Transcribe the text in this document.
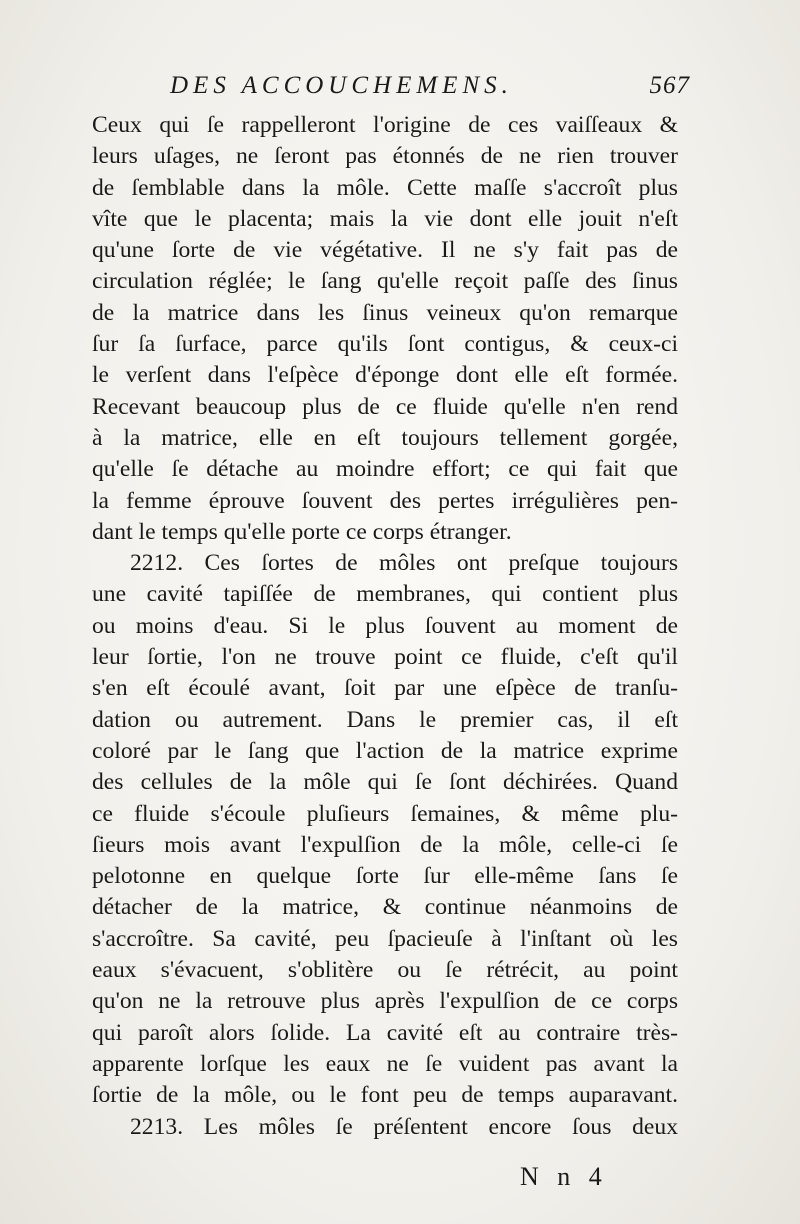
DES ACCOUCHEMENS.	567
Ceux qui ſe rappelleront l'origine de ces vaiſſeaux &
leurs uſages, ne ſeront pas étonnés de ne rien trouver
de ſemblable dans la môle. Cette maſſe s'accroît plus
vîte que le placenta; mais la vie dont elle jouit n'eſt
qu'une ſorte de vie végétative. Il ne s'y fait pas de
circulation réglée; le ſang qu'elle reçoit paſſe des ſinus
de la matrice dans les ſinus veineux qu'on remarque
ſur ſa ſurface, parce qu'ils ſont contigus, & ceux-ci
le verſent dans l'eſpèce d'éponge dont elle eſt formée.
Recevant beaucoup plus de ce fluide qu'elle n'en rend
à la matrice, elle en eſt toujours tellement gorgée,
qu'elle ſe détache au moindre effort; ce qui fait que
la femme éprouve ſouvent des pertes irrégulières pen-
dant le temps qu'elle porte ce corps étranger.
2212. Ces ſortes de môles ont preſque toujours
une cavité tapiſſée de membranes, qui contient plus
ou moins d'eau. Si le plus ſouvent au moment de
leur ſortie, l'on ne trouve point ce fluide, c'eſt qu'il
s'en eſt écoulé avant, ſoit par une eſpèce de tranſu-
dation ou autrement. Dans le premier cas, il eſt
coloré par le ſang que l'action de la matrice exprime
des cellules de la môle qui ſe ſont déchirées. Quand
ce fluide s'écoule pluſieurs ſemaines, & même plu-
ſieurs mois avant l'expulſion de la môle, celle-ci ſe
pelotonne en quelque ſorte ſur elle-même ſans ſe
détacher de la matrice, & continue néanmoins de
s'accroître. Sa cavité, peu ſpacieuſe à l'inſtant où les
eaux s'évacuent, s'oblitère ou ſe rétrécit, au point
qu'on ne la retrouve plus après l'expulſion de ce corps
qui paroît alors ſolide. La cavité eſt au contraire très-
apparente lorſque les eaux ne ſe vuident pas avant la
ſortie de la môle, ou le font peu de temps auparavant.
2213. Les môles ſe préſentent encore ſous deux
N n 4
